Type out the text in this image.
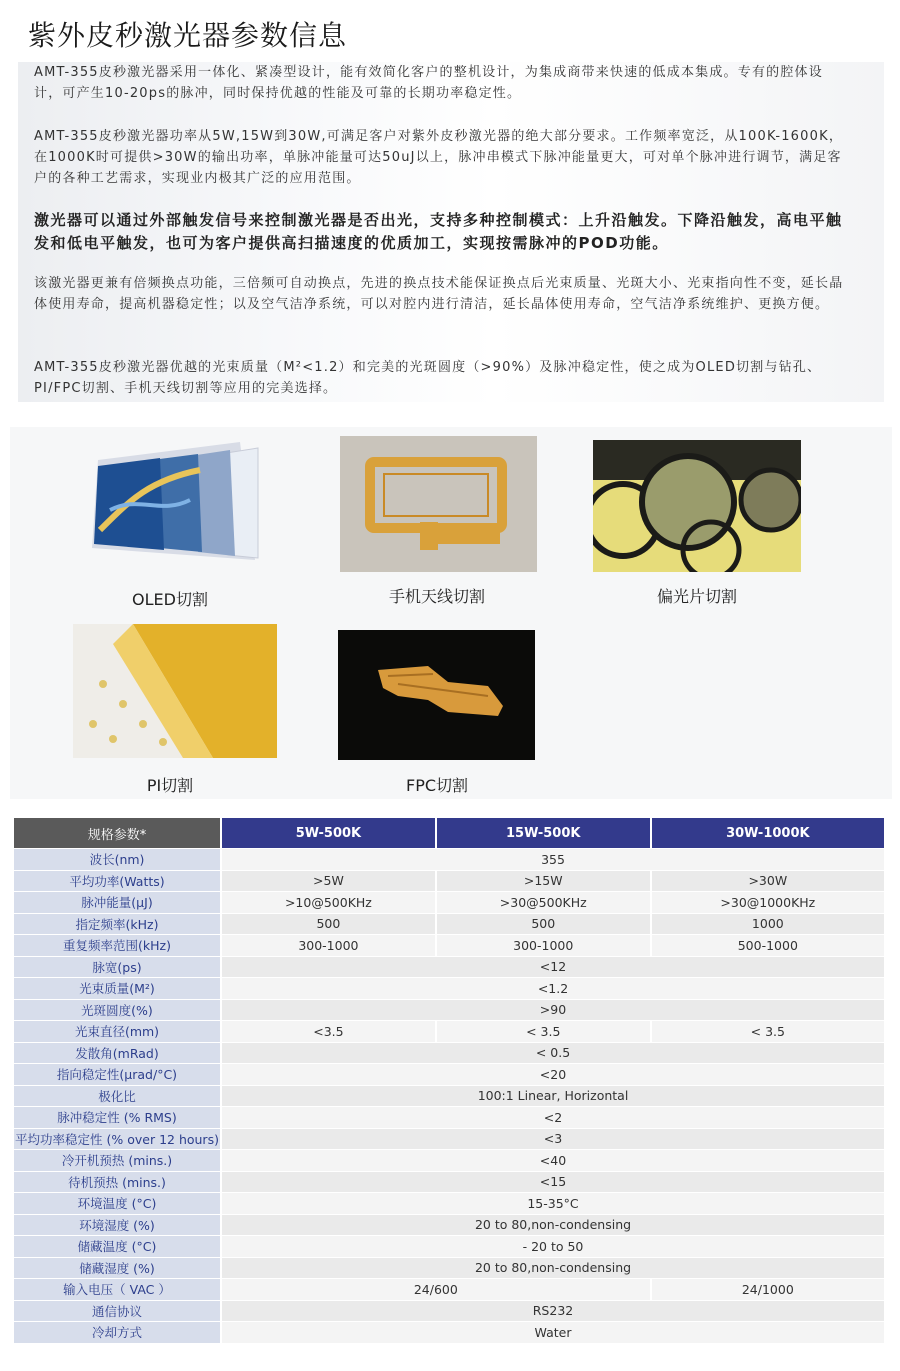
紫外皮秒激光器参数信息
AMT-355皮秒激光器采用一体化、紧凑型设计，能有效简化客户的整机设计，为集成商带来快速的低成本集成。专有的腔体设计，可产生10-20ps的脉冲，同时保持优越的性能及可靠的长期功率稳定性。
AMT-355皮秒激光器功率从5W,15W到30W,可满足客户对紫外皮秒激光器的绝大部分要求。工作频率宽泛，从100K-1600K，在1000K时可提供>30W的输出功率，单脉冲能量可达50uJ以上，脉冲串模式下脉冲能量更大，可对单个脉冲进行调节，满足客户的各种工艺需求，实现业内极其广泛的应用范围。
激光器可以通过外部触发信号来控制激光器是否出光，支持多种控制模式：上升沿触发。下降沿触发，高电平触发和低电平触发，也可为客户提供高扫描速度的优质加工，实现按需脉冲的POD功能。
该激光器更兼有倍频换点功能，三倍频可自动换点，先进的换点技术能保证换点后光束质量、光斑大小、光束指向性不变，延长晶体使用寿命，提高机器稳定性；以及空气洁净系统，可以对腔内进行清洁，延长晶体使用寿命，空气洁净系统维护、更换方便。
AMT-355皮秒激光器优越的光束质量（M²<1.2）和完美的光斑圆度（>90%）及脉冲稳定性，使之成为OLED切割与钻孔、PI/FPC切割、手机天线切割等应用的完美选择。
OLED切割	手机天线切割	偏光片切割
PI切割	FPC切割
规格参数*	5W-500K	15W-500K	30W-1000K
波长(nm)	355		
平均功率(Watts)	>5W	>15W	>30W
脉冲能量(μJ)	>10@500KHz	>30@500KHz	>30@1000KHz
指定频率(kHz)	500	500	1000
重复频率范围(kHz)	300-1000	300-1000	500-1000
脉宽(ps)	<12		
光束质量(M²)	<1.2		
光斑圆度(%)	>90		
光束直径(mm)	<3.5	< 3.5	< 3.5
发散角(mRad)	< 0.5		
指向稳定性(μrad/°C)	<20		
极化比	100:1 Linear, Horizontal		
脉冲稳定性 (% RMS)	<2		
平均功率稳定性 (% over 12 hours)	<3		
冷开机预热 (mins.)	<40		
待机预热 (mins.)	<15		
环境温度 (°C)	15-35°C		
环境湿度 (%)	20 to 80,non-condensing		
储藏温度 (°C)	- 20 to 50		
储藏湿度 (%)	20 to 80,non-condensing		
输入电压（ VAC ）	24/600		24/1000
通信协议	RS232		
冷却方式	Water		
